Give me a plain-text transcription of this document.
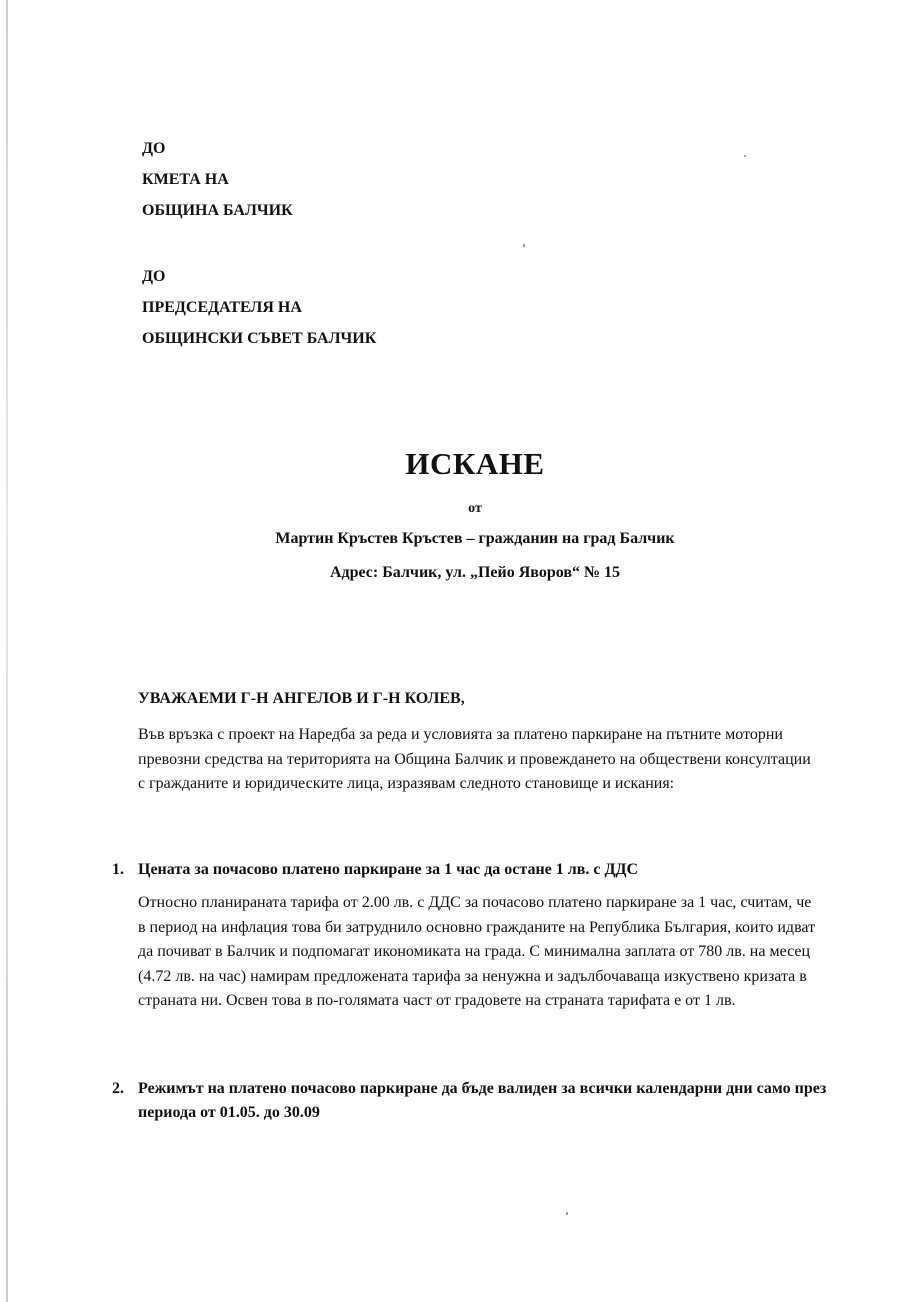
ДО
КМЕТА НА
ОБЩИНА БАЛЧИК
ДО
ПРЕДСЕДАТЕЛЯ НА
ОБЩИНСКИ СЪВЕТ БАЛЧИК
ИСКАНЕ
от
Мартин Кръстев Кръстев – гражданин на град Балчик
Адрес: Балчик, ул. „Пейо Яворов“ № 15
УВАЖАЕМИ Г-Н АНГЕЛОВ И Г-Н КОЛЕВ,
Във връзка с проект на Наредба за реда и условията за платено паркиране на пътните моторни превозни средства на територията на Община Балчик и провеждането на обществени консултации с гражданите и юридическите лица, изразявам следното становище и искания:
1. Цената за почасово платено паркиране за 1 час да остане 1 лв. с ДДС
Относно планираната тарифа от 2.00 лв. с ДДС за почасово платено паркиране за 1 час, считам, че в период на инфлация това би затруднило основно гражданите на Република България, които идват да почиват в Балчик и подпомагат икономиката на града. С минимална заплата от 780 лв. на месец (4.72 лв. на час) намирам предложената тарифа за ненужна и задълбочаваща изкуствено кризата в страната ни. Освен това в по-голямата част от градовете на страната тарифата е от 1 лв.
2. Режимът на платено почасово паркиране да бъде валиден за всички календарни дни само през периода от 01.05. до 30.09
